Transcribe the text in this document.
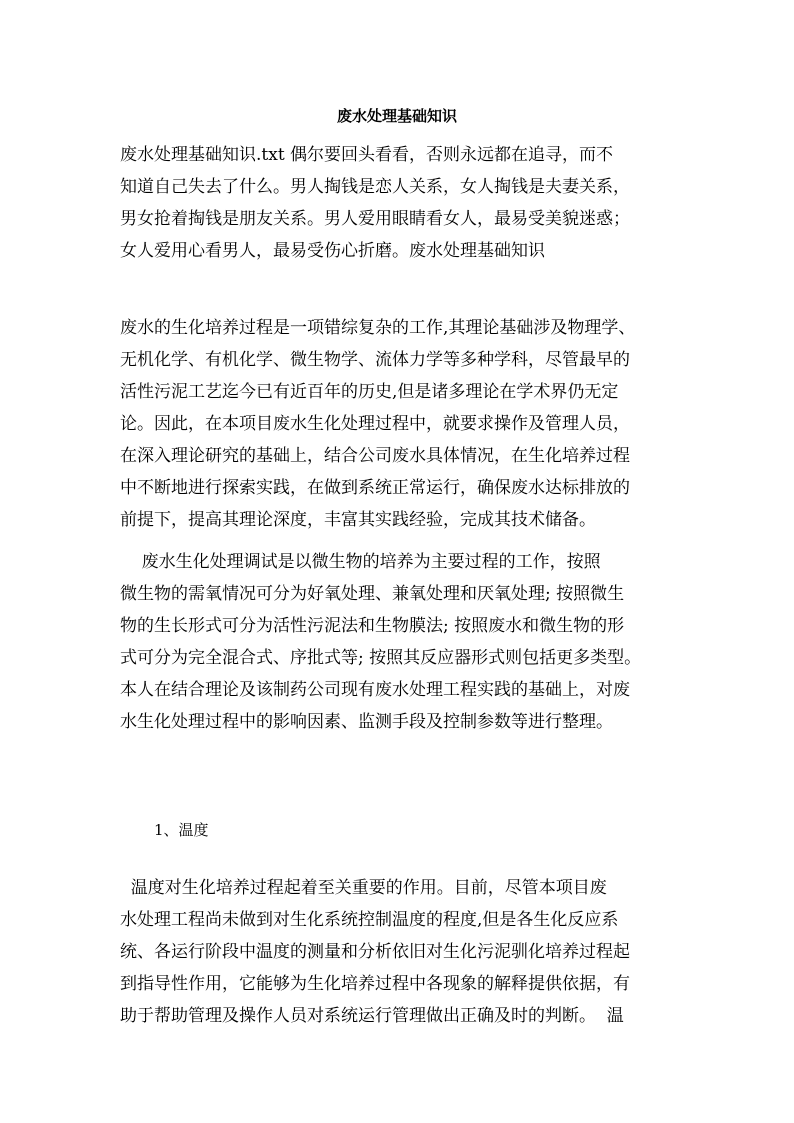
废水处理基础知识
废水处理基础知识.txt 偶尔要回头看看，否则永远都在追寻，而不
知道自己失去了什么。男人掏钱是恋人关系，女人掏钱是夫妻关系，
男女抢着掏钱是朋友关系。男人爱用眼睛看女人，最易受美貌迷惑；
女人爱用心看男人，最易受伤心折磨。废水处理基础知识
废水的生化培养过程是一项错综复杂的工作,其理论基础涉及物理学、
无机化学、有机化学、微生物学、流体力学等多种学科，尽管最早的
活性污泥工艺迄今已有近百年的历史,但是诸多理论在学术界仍无定
论。因此，在本项目废水生化处理过程中，就要求操作及管理人员，
在深入理论研究的基础上，结合公司废水具体情况，在生化培养过程
中不断地进行探索实践，在做到系统正常运行，确保废水达标排放的
前提下，提高其理论深度，丰富其实践经验，完成其技术储备。
废水生化处理调试是以微生物的培养为主要过程的工作，按照
微生物的需氧情况可分为好氧处理、兼氧处理和厌氧处理; 按照微生
物的生长形式可分为活性污泥法和生物膜法; 按照废水和微生物的形
式可分为完全混合式、序批式等; 按照其反应器形式则包括更多类型。
本人在结合理论及该制药公司现有废水处理工程实践的基础上，对废
水生化处理过程中的影响因素、监测手段及控制参数等进行整理。
1、温度
温度对生化培养过程起着至关重要的作用。目前，尽管本项目废
水处理工程尚未做到对生化系统控制温度的程度,但是各生化反应系
统、各运行阶段中温度的测量和分析依旧对生化污泥驯化培养过程起
到指导性作用，它能够为生化培养过程中各现象的解释提供依据，有
助于帮助管理及操作人员对系统运行管理做出正确及时的判断。  温
